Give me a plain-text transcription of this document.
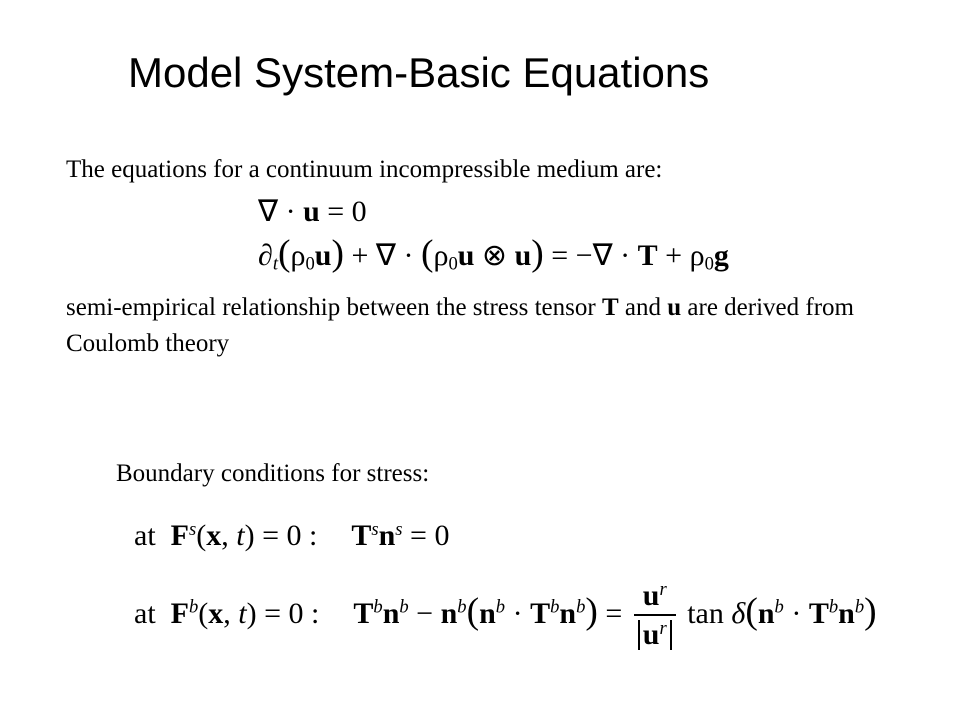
Model System-Basic Equations
The equations for a continuum incompressible medium are:
∇ · u = 0
$\partial_t(\rho_0u)$ + ∇ · ($\rho_0u$ ⊗ u) = −∇ · $T + \rho_0g$
semi-empirical relationship between the stress tensor T and u are derived from Coulomb theory
Boundary conditions for stress:
at  $F^s(x$, t) = 0 : $T^sn^s = 0$
at  $F^b(x$, t) = 0 : $T^bn^b - n^b(n^b \cdot T^bn^b) = \frac{u^r}{u^r}$ $\tan \delta(n^b \cdot T^bn^b)$
